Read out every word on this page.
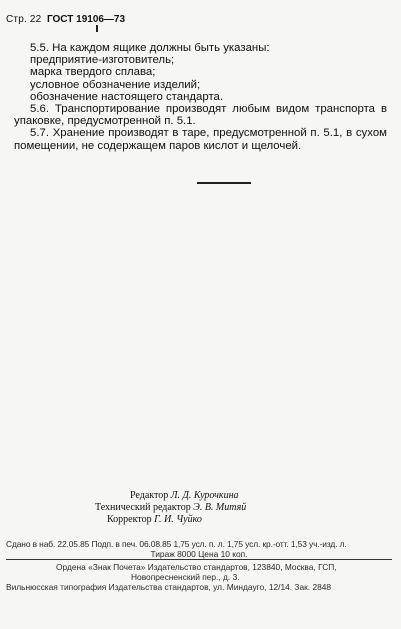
Стр. 22 ГОСТ 19106—73

5.5. На каждом ящике должны быть указаны:

предприятие-изготовитель;
марка твердого сплава;
условное обозначение изделий;
обозначение настоящего стандарта.

5.6. Транспортирование производят любым видом транспорта в упаковке, предусмотренной п. 5.1.

5.7. Хранение производят в таре, предусмотренной п. 5.1, в сухом помещении, не содержащем паров кислот и щелочей.

Редактор Л. Д. Курочкина
Технический редактор Э. В. Митяй
Корректор Г. И. Чуйко
Сдано в наб. 22.05.85 Подп. в печ. 06.08.85 1,75 усл. п. л. 1,75 усл. кр.-отт. 1,53 уч.-изд. л.
Тираж 8000 Цена 10 коп.
Ордена «Знак Почета» Издательство стандартов, 123840, Москва, ГСП,
Новопресненский пер., д. 3.
Вильнюсская типография Издательства стандартов, ул. Миндауго, 12/14. Зак. 2848
